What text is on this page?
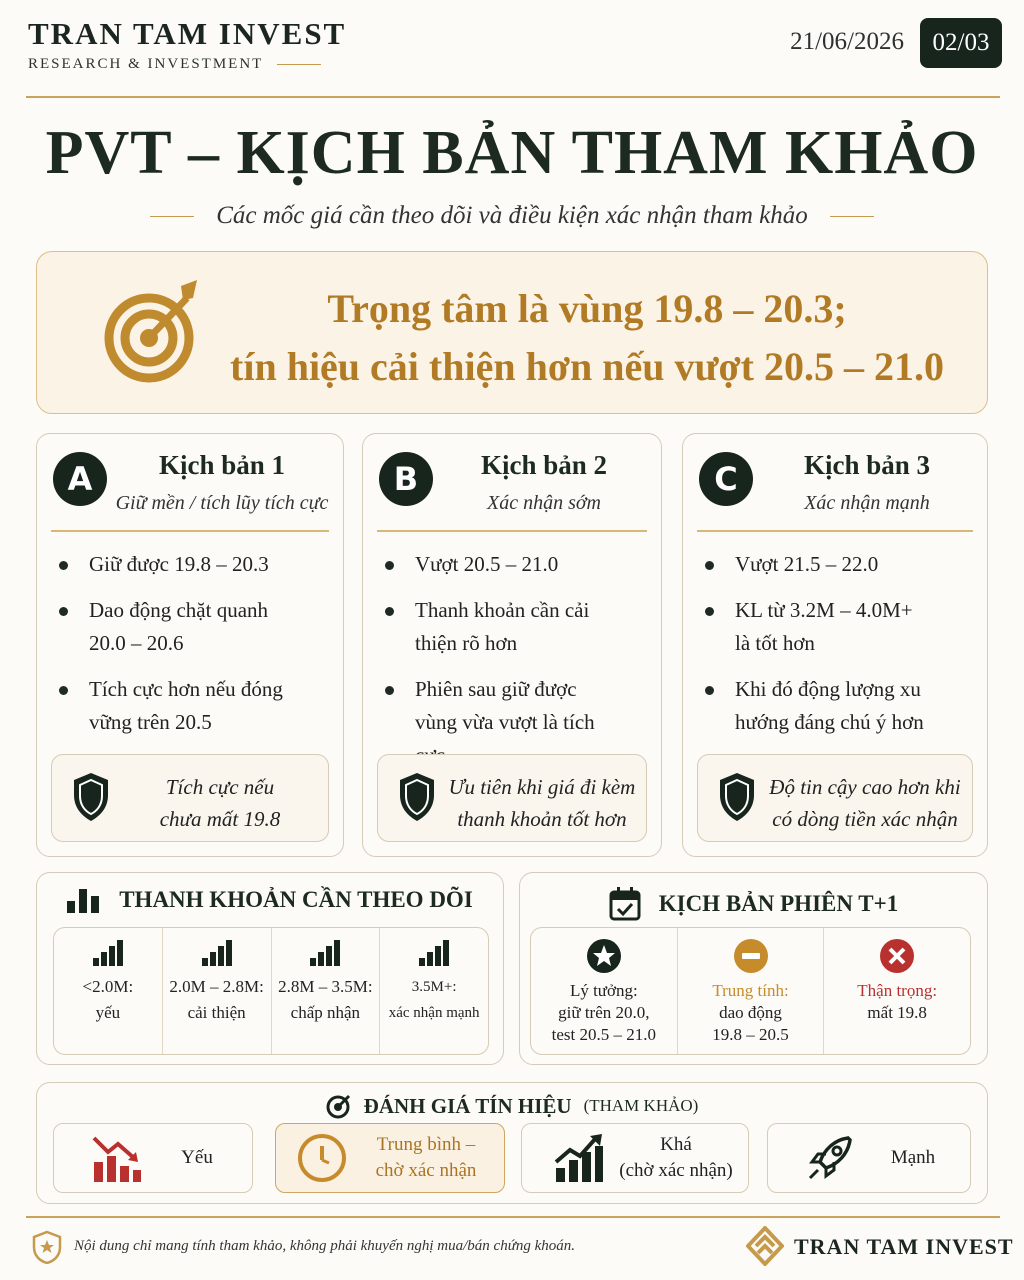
TRAN TAM INVEST
RESEARCH & INVESTMENT
21/06/2026	02/03
PVT – KỊCH BẢN THAM KHẢO
Các mốc giá cần theo dõi và điều kiện xác nhận tham khảo
Trọng tâm là vùng 19.8 – 20.3;
tín hiệu cải thiện hơn nếu vượt 20.5 – 21.0
A	Kịch bản 1
Giữ mền / tích lũy tích cực
Giữ được 19.8 – 20.3
Dao động chặt quanh 20.0 – 20.6
Tích cực hơn nếu đóng vững trên 20.5
Tích cực nếu
chưa mất 19.8
B	Kịch bản 2
Xác nhận sớm
Vượt 20.5 – 21.0
Thanh khoản cần cải thiện rõ hơn
Phiên sau giữ được vùng vừa vượt là tích
Ưu tiên khi giá đi kèm
thanh khoản tốt hơn
C	Kịch bản 3
Xác nhận mạnh
Vượt 21.5 – 22.0
KL từ 3.2M – 4.0M+ là tốt hơn
Khi đó động lượng xu hướng đáng chú ý hơn
Độ tin cậy cao hơn khi
có dòng tiền xác nhận
THANH KHOẢN CẦN THEO DÕI
<2.0M:
yếu
2.0M – 2.8M:
cải thiện
2.8M – 3.5M:
chấp nhận
3.5M+:
xác nhận mạnh
KỊCH BẢN PHIÊN T+1
Lý tưởng:
giữ trên 20.0,
test 20.5 – 21.0
Trung tính:
dao động
19.8 – 20.5
Thận trọng:
mất 19.8
ĐÁNH GIÁ TÍN HIỆU (THAM KHẢO)
Yếu
Trung bình –
chờ xác nhận
Khá
(chờ xác nhận)
Mạnh
Nội dung chỉ mang tính tham khảo, không phải khuyến nghị mua/bán chứng khoán.	TRAN TAM INVEST
